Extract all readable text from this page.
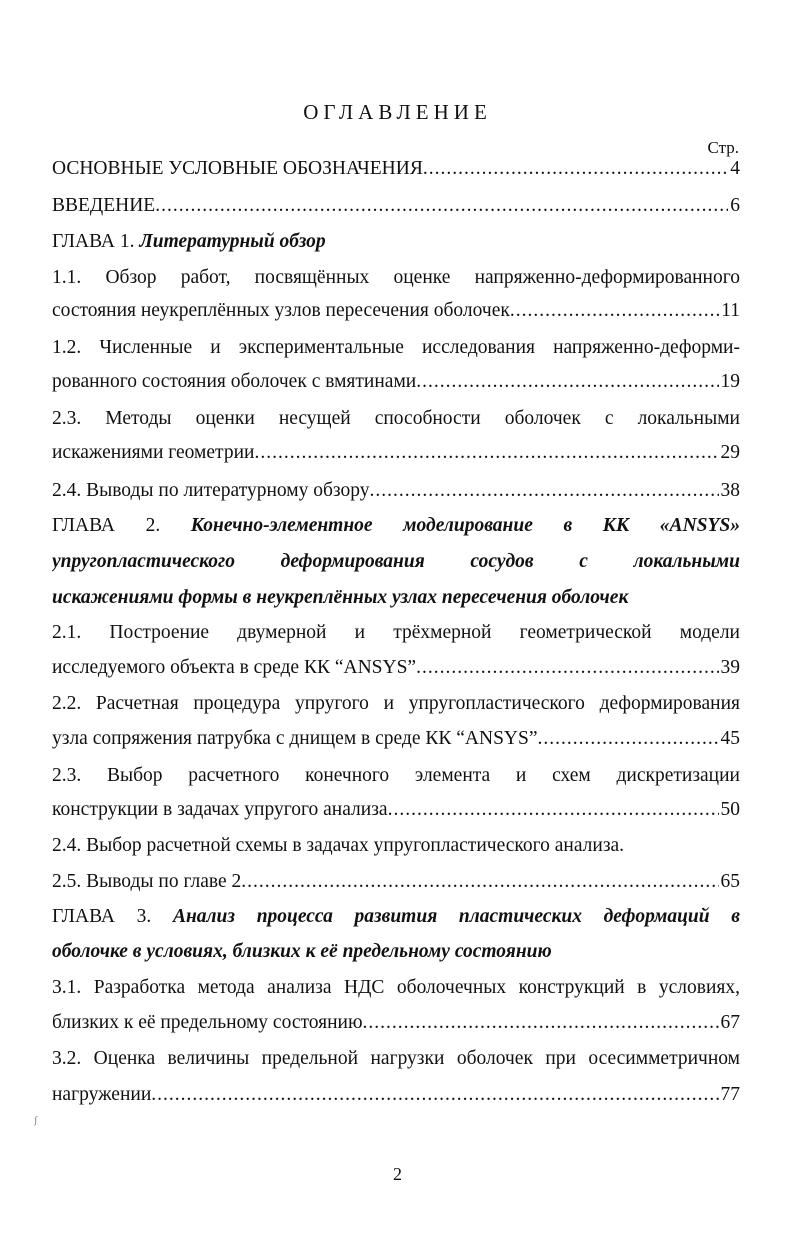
ОГЛАВЛЕНИЕ
Стр.
ОСНОВНЫЕ УСЛОВНЫЕ ОБОЗНАЧЕНИЯ .....	4
ВВЕДЕНИЕ .....	6
ГЛАВА 1. Литературный обзор
1.1. Обзор работ, посвящённых оценке напряженно-деформированного
состояния неукреплённых узлов пересечения оболочек .....	11
1.2. Численные и экспериментальные исследования напряженно-деформи-
рованного состояния оболочек с вмятинами .....	19
2.3. Методы оценки несущей способности оболочек с локальными
искажениями геометрии .....	29
2.4. Выводы по литературному обзору .....	38
ГЛАВА 2. Конечно-элементное моделирование в КК «ANSYS»
упругопластического деформирования сосудов с локальными
искажениями формы в неукреплённых узлах пересечения оболочек
2.1. Построение двумерной и трёхмерной геометрической модели
исследуемого объекта в среде КК “ANSYS” .....	39
2.2. Расчетная процедура упругого и упругопластического деформирования
узла сопряжения патрубка с днищем в среде КК “ANSYS” .....	45
2.3. Выбор расчетного конечного элемента и схем дискретизации
конструкции в задачах упругого анализа .....	50
2.4. Выбор расчетной схемы в задачах упругопластического анализа.
2.5. Выводы по главе 2 .....	65
ГЛАВА 3. Анализ процесса развития пластических деформаций в
оболочке в условиях, близких к её предельному состоянию
3.1. Разработка метода анализа НДС оболочечных конструкций в условиях,
близких к её предельному состоянию .....	67
3.2. Оценка величины предельной нагрузки оболочек при осесимметричном
нагружении .....	77
ʃ
2
